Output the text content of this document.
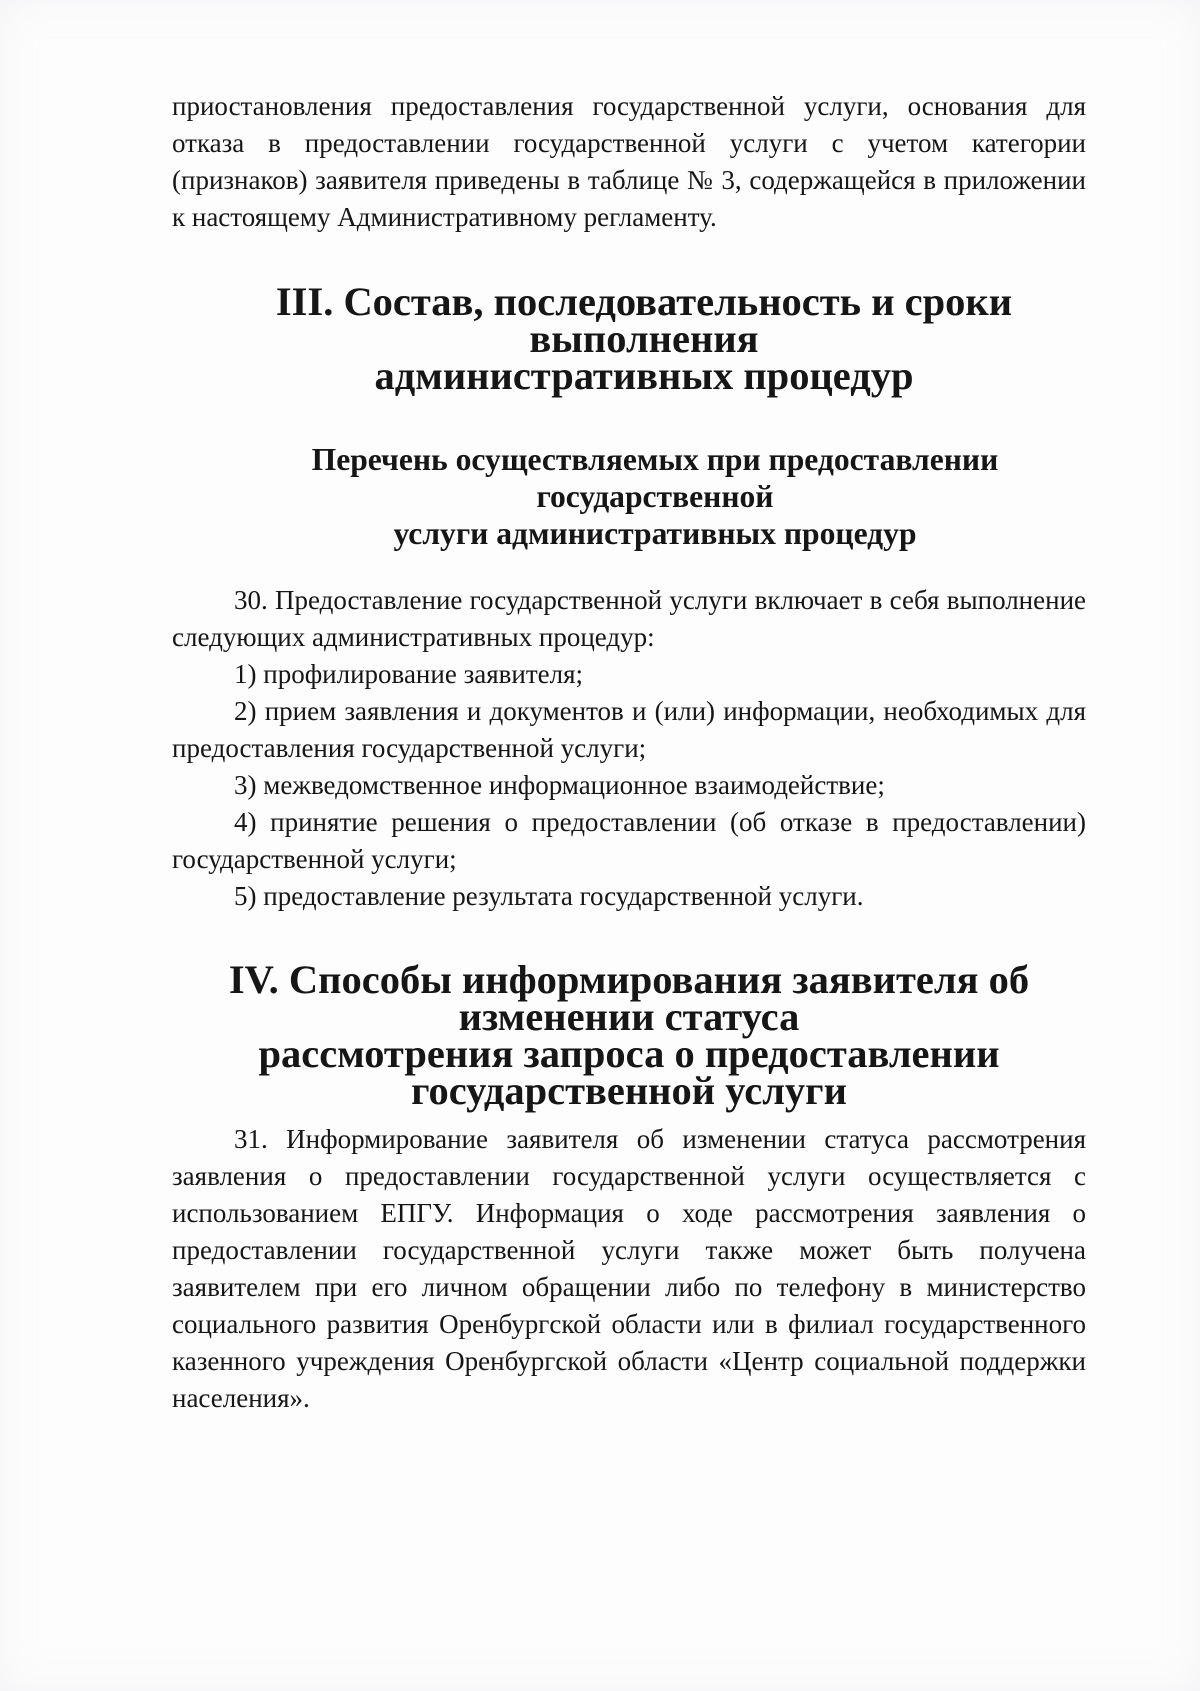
приостановления предоставления государственной услуги, основания для отказа в предоставлении государственной услуги с учетом категории (признаков) заявителя приведены в таблице № 3, содержащейся в приложении к настоящему Административному регламенту.

III. Состав, последовательность и сроки выполнения
административных процедур
Перечень осуществляемых при предоставлении государственной
услуги административных процедур

30. Предоставление государственной услуги включает в себя выполнение следующих административных процедур:

1) профилирование заявителя;

2) прием заявления и документов и (или) информации, необходимых для предоставления государственной услуги;

3) межведомственное информационное взаимодействие;

4) принятие решения о предоставлении (об отказе в предоставлении) государственной услуги;

5) предоставление результата государственной услуги.

IV. Способы информирования заявителя об изменении статуса
рассмотрения запроса о предоставлении государственной услуги

31. Информирование заявителя об изменении статуса рассмотрения заявления о предоставлении государственной услуги осуществляется с использованием ЕПГУ. Информация о ходе рассмотрения заявления о предоставлении государственной услуги также может быть получена заявителем при его личном обращении либо по телефону в министерство социального развития Оренбургской области или в филиал государственного казенного учреждения Оренбургской области «Центр социальной поддержки населения».
